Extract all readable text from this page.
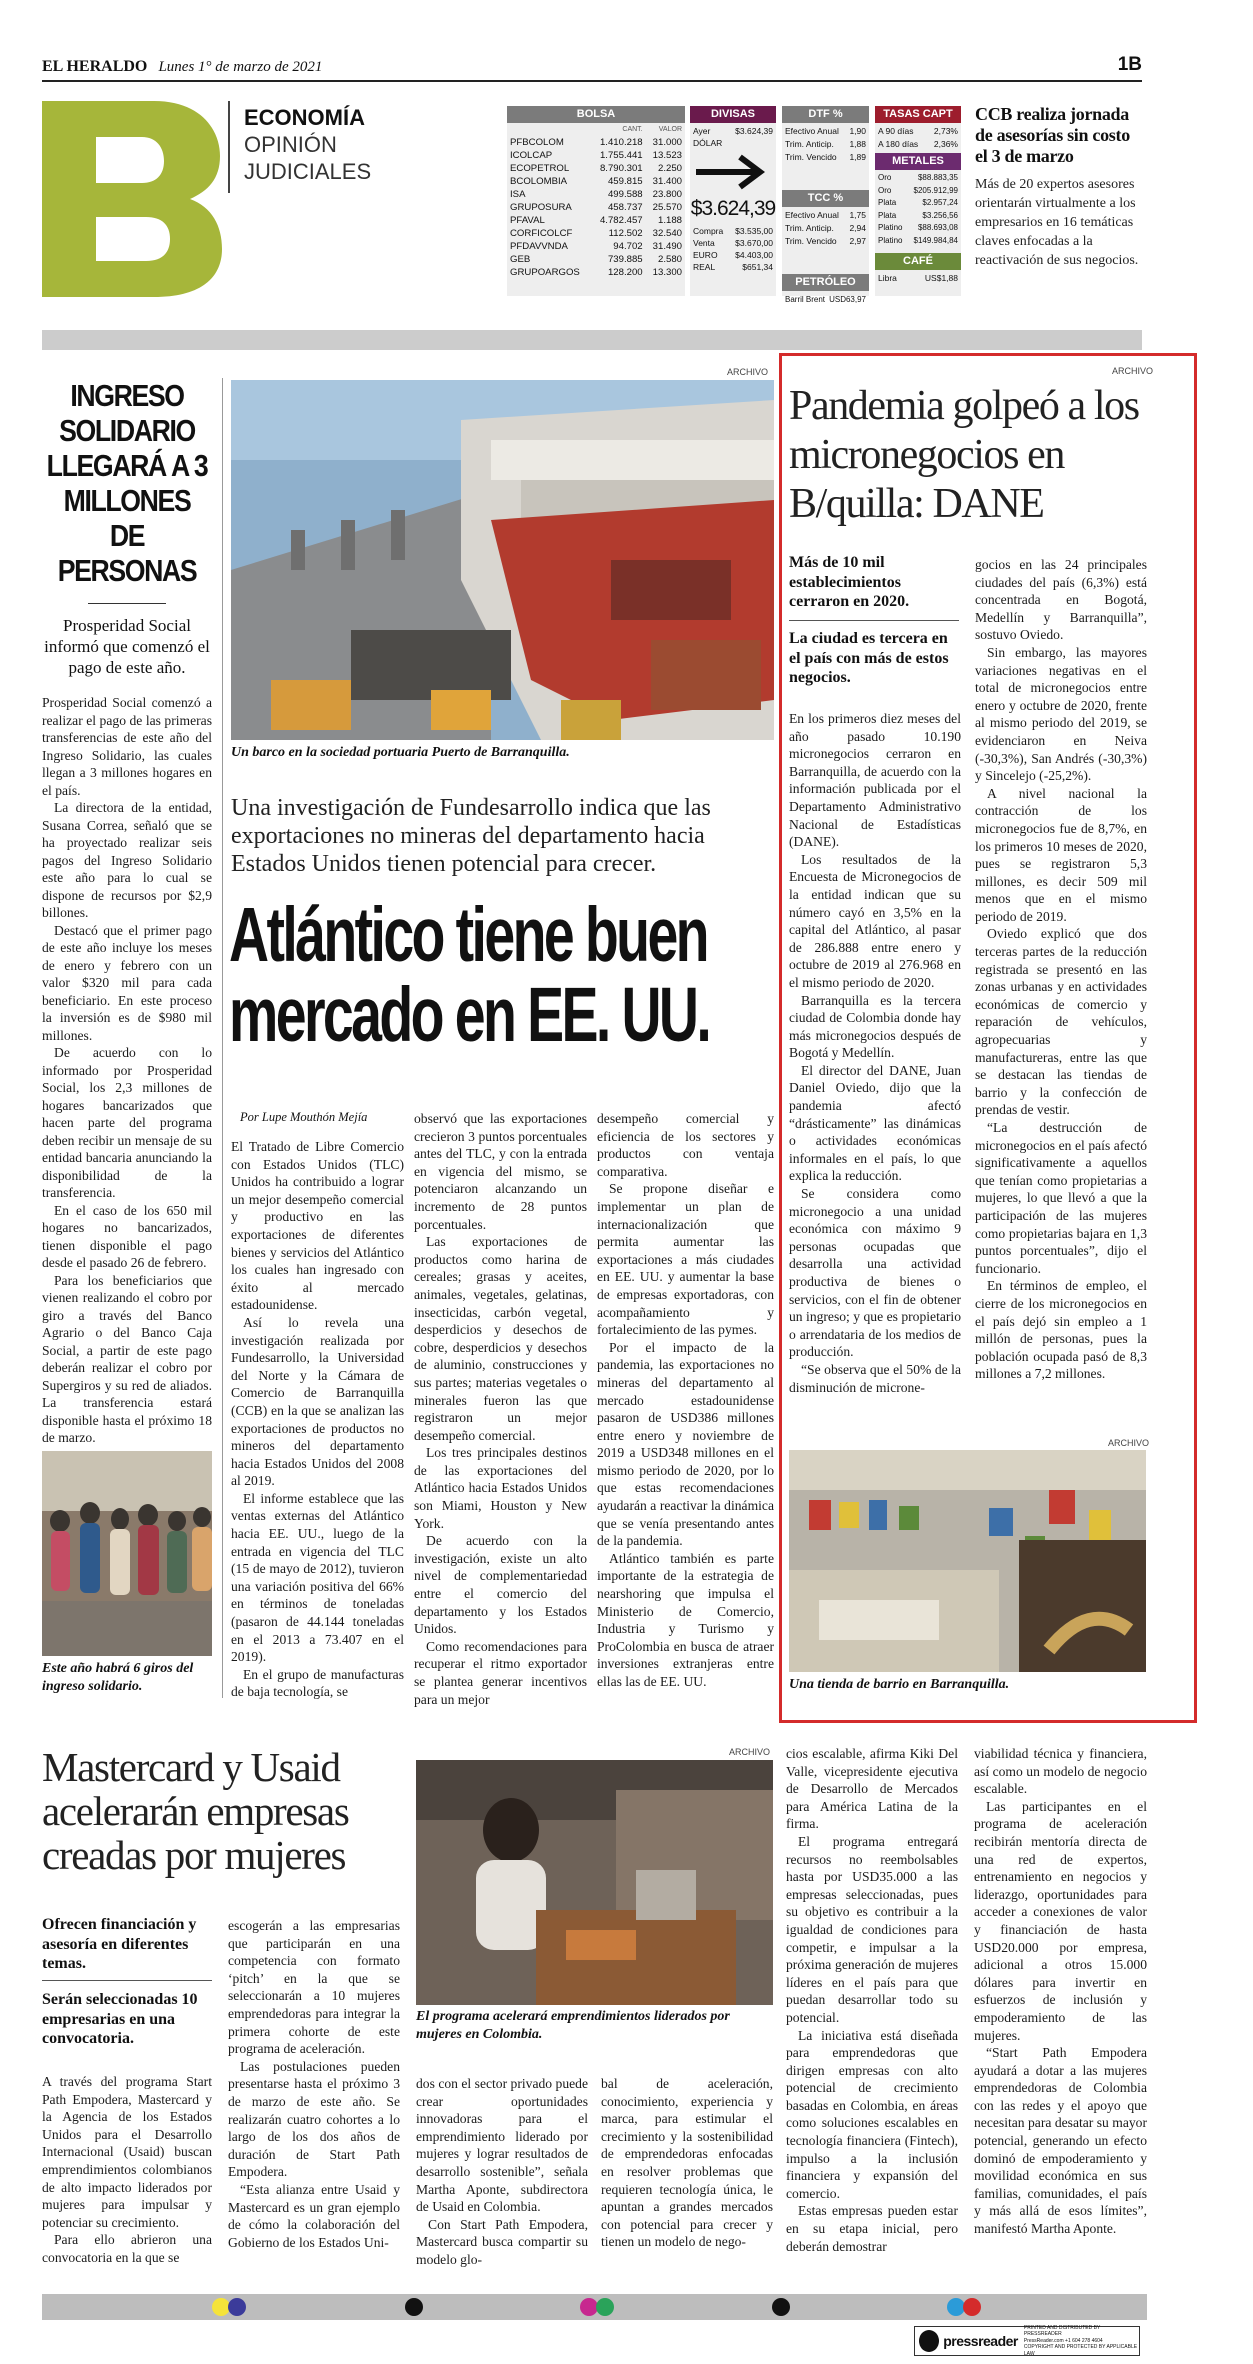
EL HERALDO Lunes 1° de marzo de 2021	1B
ECONOMÍA
OPINIÓN
JUDICIALES
BOLSA
	CANT.	VALOR
PFBCOLOM	1.410.218	31.000
ICOLCAP	1.755.441	13.523
ECOPETROL	8.790.301	2.250
BCOLOMBIA	459.815	31.400
ISA	499.588	23.800
GRUPOSURA	458.737	25.570
PFAVAL	4.782.457	1.188
CORFICOLCF	112.502	32.540
PFDAVVNDA	94.702	31.490
GEB	739.885	2.580
GRUPOARGOS	128.200	13.300
DIVISAS
Ayer	$3.624,39
DÓLAR
$3.624,39
Compra $3.535,00
Venta $3.670,00
EURO $4.403,00
REAL	$651,34
DTF %
Efectivo Anual 1,90
Trim. Anticip. 1,88
Trim. Vencido 1,89
TCC %
Efectivo Anual 1,75
Trim. Anticip. 2,94
Trim. Vencido 2,97
PETRÓLEO
Barril Brent USD63,97
TASAS CAPT
A 90 días 2,73%
A 180 días 2,36%
METALES
Oro	$88.883,35
Oro	$205.912,99
Plata	$2.957,24
Plata	$3.256,56
Platino $88.693,08
Platino $149.984,84
CAFÉ
Libra	US$1,88
CCB realiza jornada de asesorías sin costo el 3 de marzo
Más de 20 expertos asesores orientarán virtualmente a los empresarios en 16 temáticas claves enfocadas a la reactivación de sus negocios.
INGRESO SOLIDARIO LLEGARÁ A 3 MILLONES DE PERSONAS
Prosperidad Social informó que comenzó el pago de este año.

Prosperidad Social comenzó a realizar el pago de las primeras transferencias de este año del Ingreso Solidario, las cuales llegan a 3 millones hogares en el país.

La directora de la entidad, Susana Correa, señaló que se ha proyectado realizar seis pagos del Ingreso Solidario este año para lo cual se dispone de recursos por $2,9 billones.

Destacó que el primer pago de este año incluye los meses de enero y febrero con un valor $320 mil para cada beneficiario. En este proceso la inversión es de $980 mil millones.

De acuerdo con lo informado por Prosperidad Social, los 2,3 millones de hogares bancarizados que hacen parte del programa deben recibir un mensaje de su entidad bancaria anunciando la disponibilidad de la transferencia.

En el caso de los 650 mil hogares no bancarizados, tienen disponible el pago desde el pasado 26 de febrero.

Para los beneficiarios que vienen realizando el cobro por giro a través del Banco Agrario o del Banco Caja Social, a partir de este pago deberán realizar el cobro por Supergiros y su red de aliados. La transferencia estará disponible hasta el próximo 18 de marzo.

Este año habrá 6 giros del ingreso solidario.
ARCHIVO
Un barco en la sociedad portuaria Puerto de Barranquilla.
Una investigación de Fundesarrollo indica que las exportaciones no mineras del departamento hacia Estados Unidos tienen potencial para crecer.
Atlántico tiene buen mercado en EE. UU.
Por Lupe Mouthón Mejía

El Tratado de Libre Comercio con Estados Unidos (TLC) Unidos ha contribuido a lograr un mejor desempeño comercial y productivo en las exportaciones de diferentes bienes y servicios del Atlántico los cuales han ingresado con éxito al mercado estadounidense.

Así lo revela una investigación realizada por Fundesarrollo, la Universidad del Norte y la Cámara de Comercio de Barranquilla (CCB) en la que se analizan las exportaciones de productos no mineros del departamento hacia Estados Unidos del 2008 al 2019.

El informe establece que las ventas externas del Atlántico hacia EE. UU., luego de la entrada en vigencia del TLC (15 de mayo de 2012), tuvieron una variación positiva del 66% en términos de toneladas (pasaron de 44.144 toneladas en el 2013 a 73.407 en el 2019).

En el grupo de manufacturas de baja tecnología, se

observó que las exportaciones crecieron 3 puntos porcentuales antes del TLC, y con la entrada en vigencia del mismo, se potenciaron alcanzando un incremento de 28 puntos porcentuales.

Las exportaciones de productos como harina de cereales; grasas y aceites, animales, vegetales, gelatinas, insecticidas, carbón vegetal, desperdicios y desechos de cobre, desperdicios y desechos de aluminio, construcciones y sus partes; materias vegetales o minerales fueron las que registraron un mejor desempeño comercial.

Los tres principales destinos de las exportaciones del Atlántico hacia Estados Unidos son Miami, Houston y New York.

De acuerdo con la investigación, existe un alto nivel de complementariedad entre el comercio del departamento y los Estados Unidos.

Como recomendaciones para recuperar el ritmo exportador se plantea generar incentivos para un mejor

desempeño comercial y eficiencia de los sectores y productos con ventaja comparativa.

Se propone diseñar e implementar un plan de internacionalización que permita aumentar las exportaciones a más ciudades en EE. UU. y aumentar la base de empresas exportadoras, con acompañamiento y fortalecimiento de las pymes.

Por el impacto de la pandemia, las exportaciones no mineras del departamento al mercado estadounidense pasaron de USD386 millones entre enero y noviembre de 2019 a USD348 millones en el mismo periodo de 2020, por lo que estas recomendaciones ayudarán a reactivar la dinámica que se venía presentando antes de la pandemia.

Atlántico también es parte importante de la estrategia de nearshoring que impulsa el Ministerio de Comercio, Industria y Turismo y ProColombia en busca de atraer inversiones extranjeras entre ellas las de EE. UU.

ARCHIVO
Pandemia golpeó a los micronegocios en B/quilla: DANE
Más de 10 mil establecimientos cerraron en 2020.
La ciudad es tercera en el país con más de estos negocios.

En los primeros diez meses del año pasado 10.190 micronegocios cerraron en Barranquilla, de acuerdo con la información publicada por el Departamento Administrativo Nacional de Estadísticas (DANE).

Los resultados de la Encuesta de Micronegocios de la entidad indican que su número cayó en 3,5% en la capital del Atlántico, al pasar de 286.888 entre enero y octubre de 2019 al 276.968 en el mismo periodo de 2020.

Barranquilla es la tercera ciudad de Colombia donde hay más micronegocios después de Bogotá y Medellín.

El director del DANE, Juan Daniel Oviedo, dijo que la pandemia afectó “drásticamente” las dinámicas o actividades económicas informales en el país, lo que explica la reducción.

Se considera como micronegocio a una unidad económica con máximo 9 personas ocupadas que desarrolla una actividad productiva de bienes o servicios, con el fin de obtener un ingreso; y que es propietario o arrendataria de los medios de producción.

“Se observa que el 50% de la disminución de microne-

gocios en las 24 principales ciudades del país (6,3%) está concentrada en Bogotá, Medellín y Barranquilla”, sostuvo Oviedo.

Sin embargo, las mayores variaciones negativas en el total de micronegocios entre enero y octubre de 2020, frente al mismo periodo del 2019, se evidenciaron en Neiva (-30,3%), San Andrés (-30,3%) y Sincelejo (-25,2%).

A nivel nacional la contracción de los micronegocios fue de 8,7%, en los primeros 10 meses de 2020, pues se registraron 5,3 millones, es decir 509 mil menos que en el mismo periodo de 2019.

Oviedo explicó que dos terceras partes de la reducción registrada se presentó en las zonas urbanas y en actividades económicas de comercio y reparación de vehículos, agropecuarias y manufactureras, entre las que se destacan las tiendas de barrio y la confección de prendas de vestir.

“La destrucción de micronegocios en el país afectó significativamente a aquellos que tenían como propietarias a mujeres, lo que llevó a que la participación de las mujeres como propietarias bajara en 1,3 puntos porcentuales”, dijo el funcionario.

En términos de empleo, el cierre de los micronegocios en el país dejó sin empleo a 1 millón de personas, pues la población ocupada pasó de 8,3 millones a 7,2 millones.

ARCHIVO
Una tienda de barrio en Barranquilla.
Mastercard y Usaid acelerarán empresas creadas por mujeres
Ofrecen financiación y asesoría en diferentes temas.
Serán seleccionadas 10 empresarias en una convocatoria.

A través del programa Start Path Empodera, Mastercard y la Agencia de los Estados Unidos para el Desarrollo Internacional (Usaid) buscan emprendimientos colombianos de alto impacto liderados por mujeres para impulsar y potenciar su crecimiento.

Para ello abrieron una convocatoria en la que se

escogerán a las empresarias que participarán en una competencia con formato ‘pitch’ en la que se seleccionarán a 10 mujeres emprendedoras para integrar la primera cohorte de este programa de aceleración.

Las postulaciones pueden presentarse hasta el próximo 3 de marzo de este año. Se realizarán cuatro cohortes a lo largo de los dos años de duración de Start Path Empodera.

“Esta alianza entre Usaid y Mastercard es un gran ejemplo de cómo la colaboración del Gobierno de los Estados Uni-

ARCHIVO
El programa acelerará emprendimientos liderados por mujeres en Colombia.

dos con el sector privado puede crear oportunidades innovadoras para el emprendimiento liderado por mujeres y lograr resultados de desarrollo sostenible”, señala Martha Aponte, subdirectora de Usaid en Colombia.

Con Start Path Empodera, Mastercard busca compartir su modelo glo-

bal de aceleración, conocimiento, experiencia y marca, para estimular el crecimiento y la sostenibilidad de emprendedoras enfocadas en resolver problemas que requieren tecnología única, le apuntan a grandes mercados con potencial para crecer y tienen un modelo de nego-

cios escalable, afirma Kiki Del Valle, vicepresidente ejecutiva de Desarrollo de Mercados para América Latina de la firma.

El programa entregará recursos no reembolsables hasta por USD35.000 a las empresas seleccionadas, pues su objetivo es contribuir a la igualdad de condiciones para competir, e impulsar a la próxima generación de mujeres líderes en el país para que puedan desarrollar todo su potencial.

La iniciativa está diseñada para emprendedoras que dirigen empresas con alto potencial de crecimiento basadas en Colombia, en áreas como soluciones escalables en tecnología financiera (Fintech), impulso a la inclusión financiera y expansión del comercio.

Estas empresas pueden estar en su etapa inicial, pero deberán demostrar

viabilidad técnica y financiera, así como un modelo de negocio escalable.

Las participantes en el programa de aceleración recibirán mentoría directa de una red de expertos, entrenamiento en negocios y liderazgo, oportunidades para acceder a conexiones de valor y financiación de hasta USD20.000 por empresa, adicional a otros 15.000 dólares para invertir en esfuerzos de inclusión y empoderamiento de las mujeres.

“Start Path Empodera ayudará a dotar a las mujeres emprendedoras de Colombia con las redes y el apoyo que necesitan para desatar su mayor potencial, generando un efecto dominó de empoderamiento y movilidad económica en sus familias, comunidades, el país y más allá de esos límites”, manifestó Martha Aponte.

pressreader
PRINTED AND DISTRIBUTED BY PRESSREADER
PressReader.com +1 604 278 4604
COPYRIGHT AND PROTECTED BY APPLICABLE LAW
